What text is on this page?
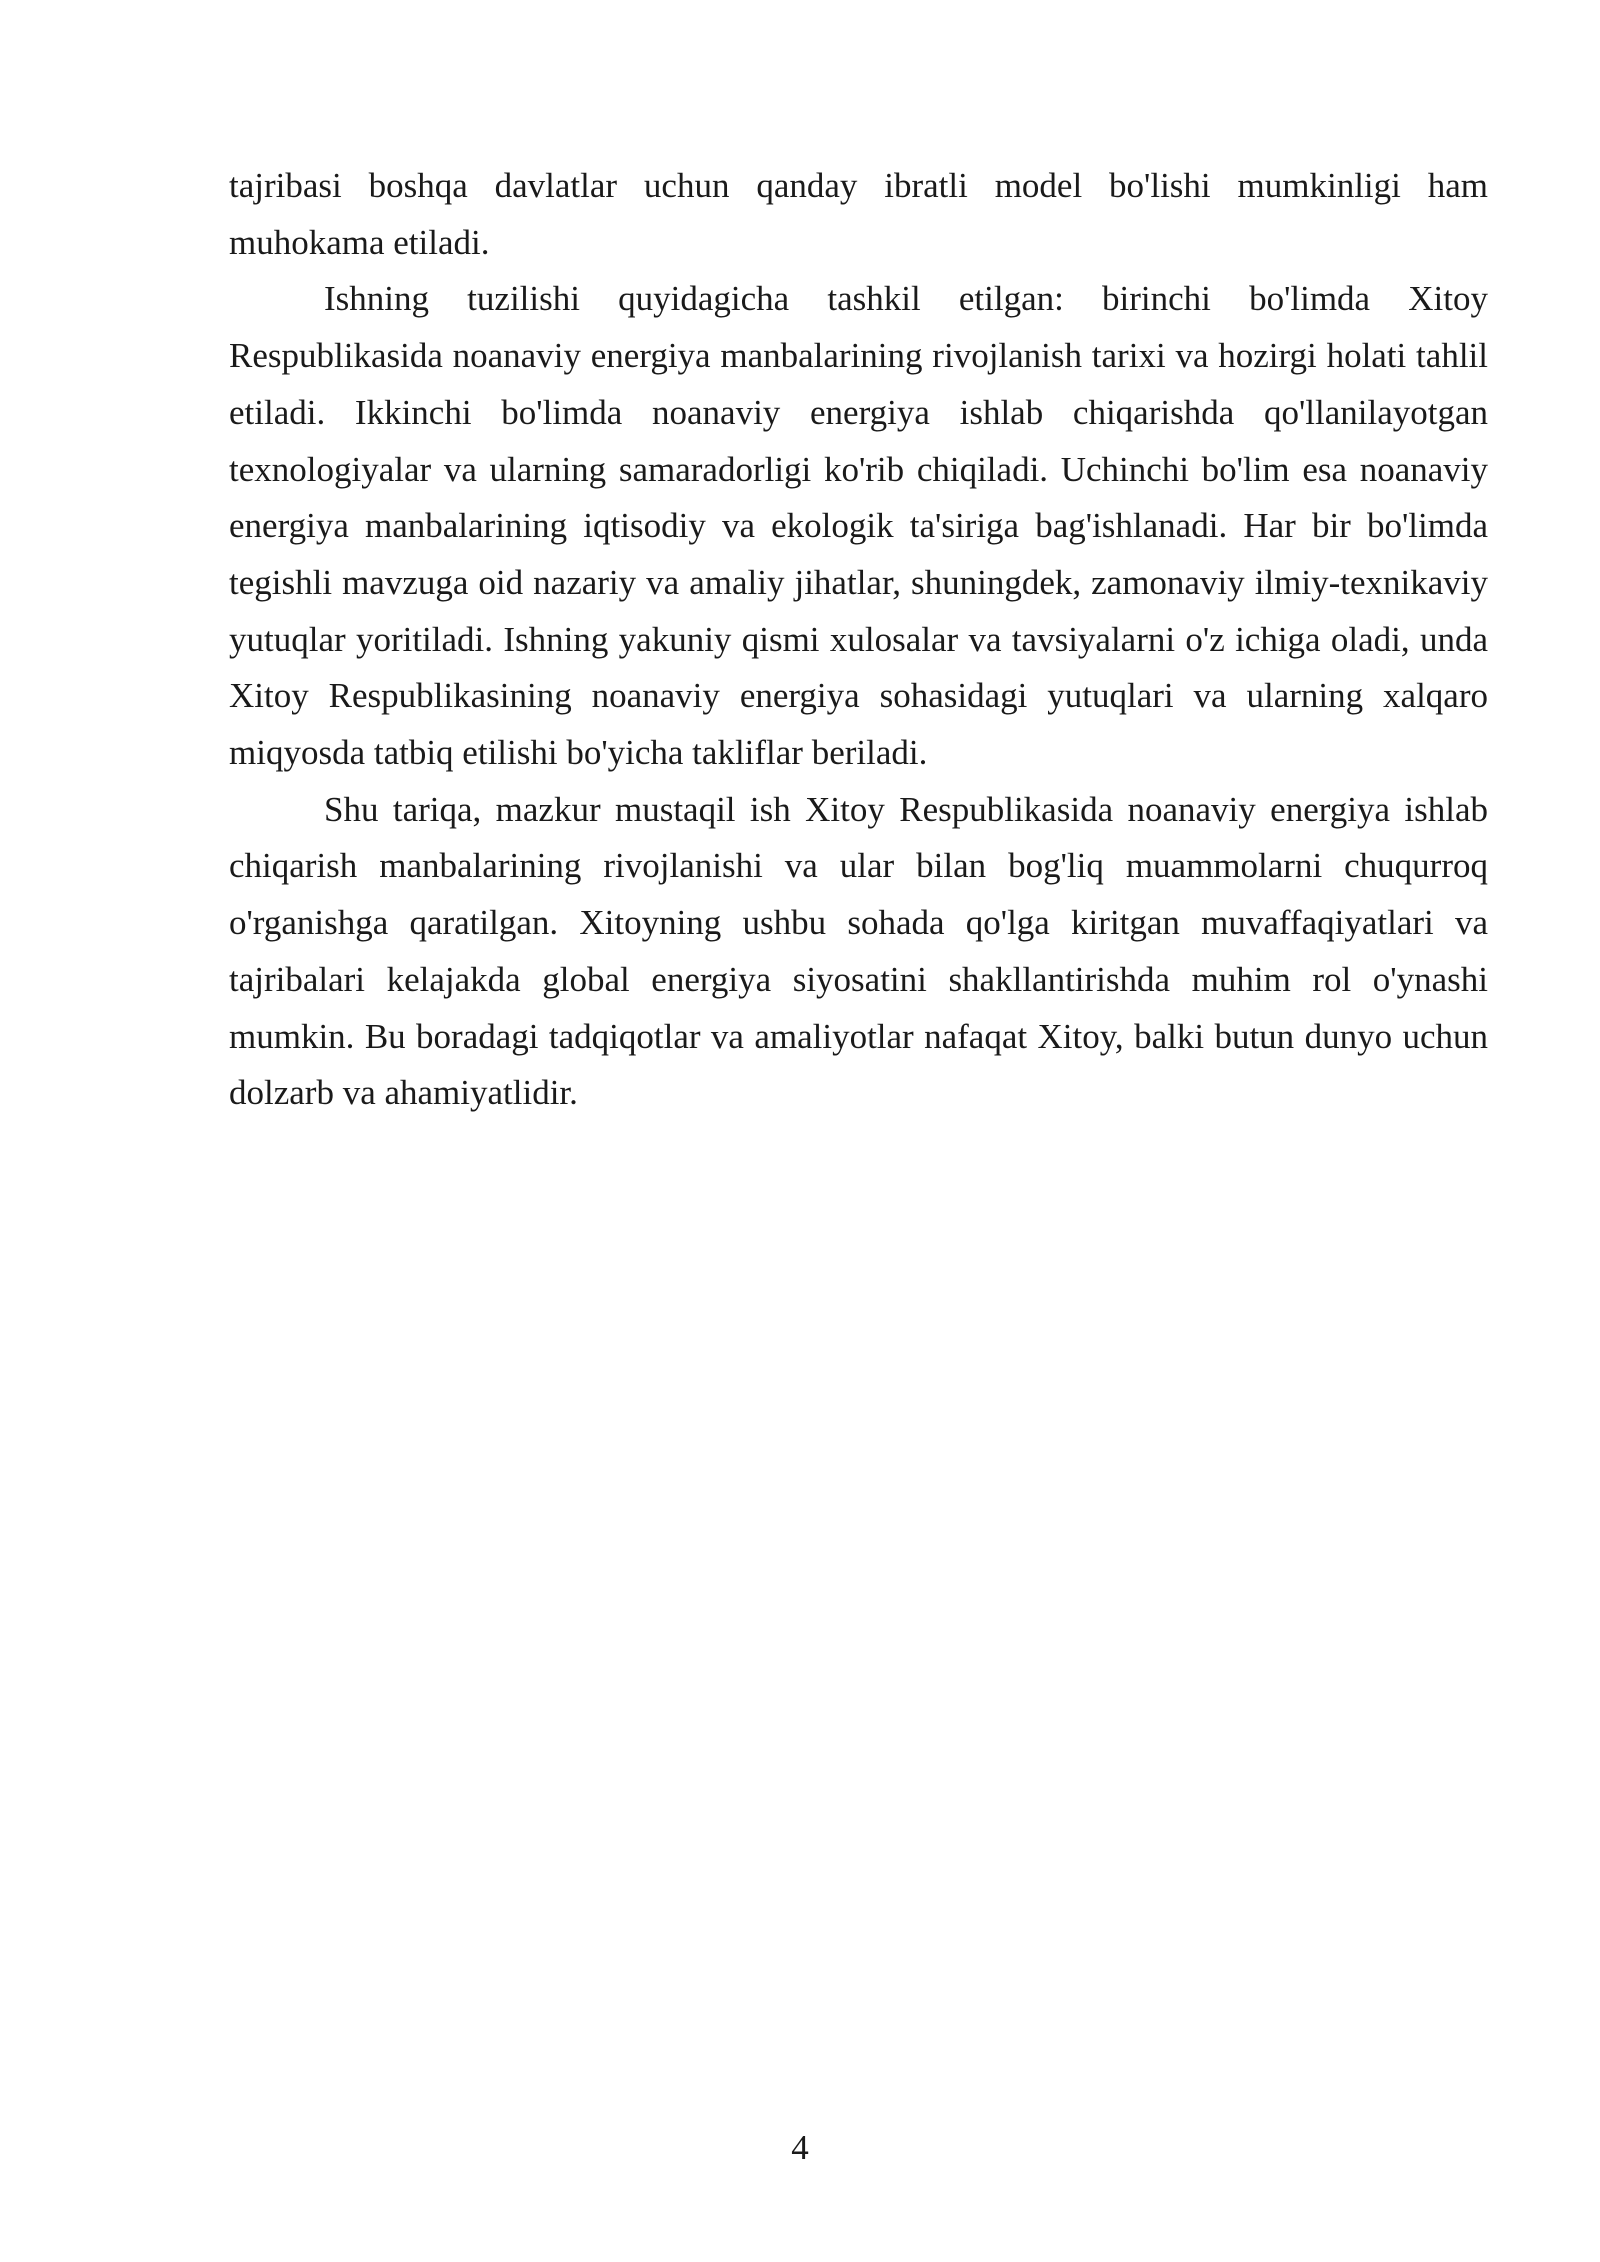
tajribasi boshqa davlatlar uchun qanday ibratli model bo'lishi mumkinligi ham muhokama etiladi.

Ishning tuzilishi quyidagicha tashkil etilgan: birinchi bo'limda Xitoy Respublikasida noanaviy energiya manbalarining rivojlanish tarixi va hozirgi holati tahlil etiladi. Ikkinchi bo'limda noanaviy energiya ishlab chiqarishda qo'llanilayotgan texnologiyalar va ularning samaradorligi ko'rib chiqiladi. Uchinchi bo'lim esa noanaviy energiya manbalarining iqtisodiy va ekologik ta'siriga bag'ishlanadi. Har bir bo'limda tegishli mavzuga oid nazariy va amaliy jihatlar, shuningdek, zamonaviy ilmiy-texnikaviy yutuqlar yoritiladi. Ishning yakuniy qismi xulosalar va tavsiyalarni o'z ichiga oladi, unda Xitoy Respublikasining noanaviy energiya sohasidagi yutuqlari va ularning xalqaro miqyosda tatbiq etilishi bo'yicha takliflar beriladi.

Shu tariqa, mazkur mustaqil ish Xitoy Respublikasida noanaviy energiya ishlab chiqarish manbalarining rivojlanishi va ular bilan bog'liq muammolarni chuqurroq o'rganishga qaratilgan. Xitoyning ushbu sohada qo'lga kiritgan muvaffaqiyatlari va tajribalari kelajakda global energiya siyosatini shakllantirishda muhim rol o'ynashi mumkin. Bu boradagi tadqiqotlar va amaliyotlar nafaqat Xitoy, balki butun dunyo uchun dolzarb va ahamiyatlidir.

4
